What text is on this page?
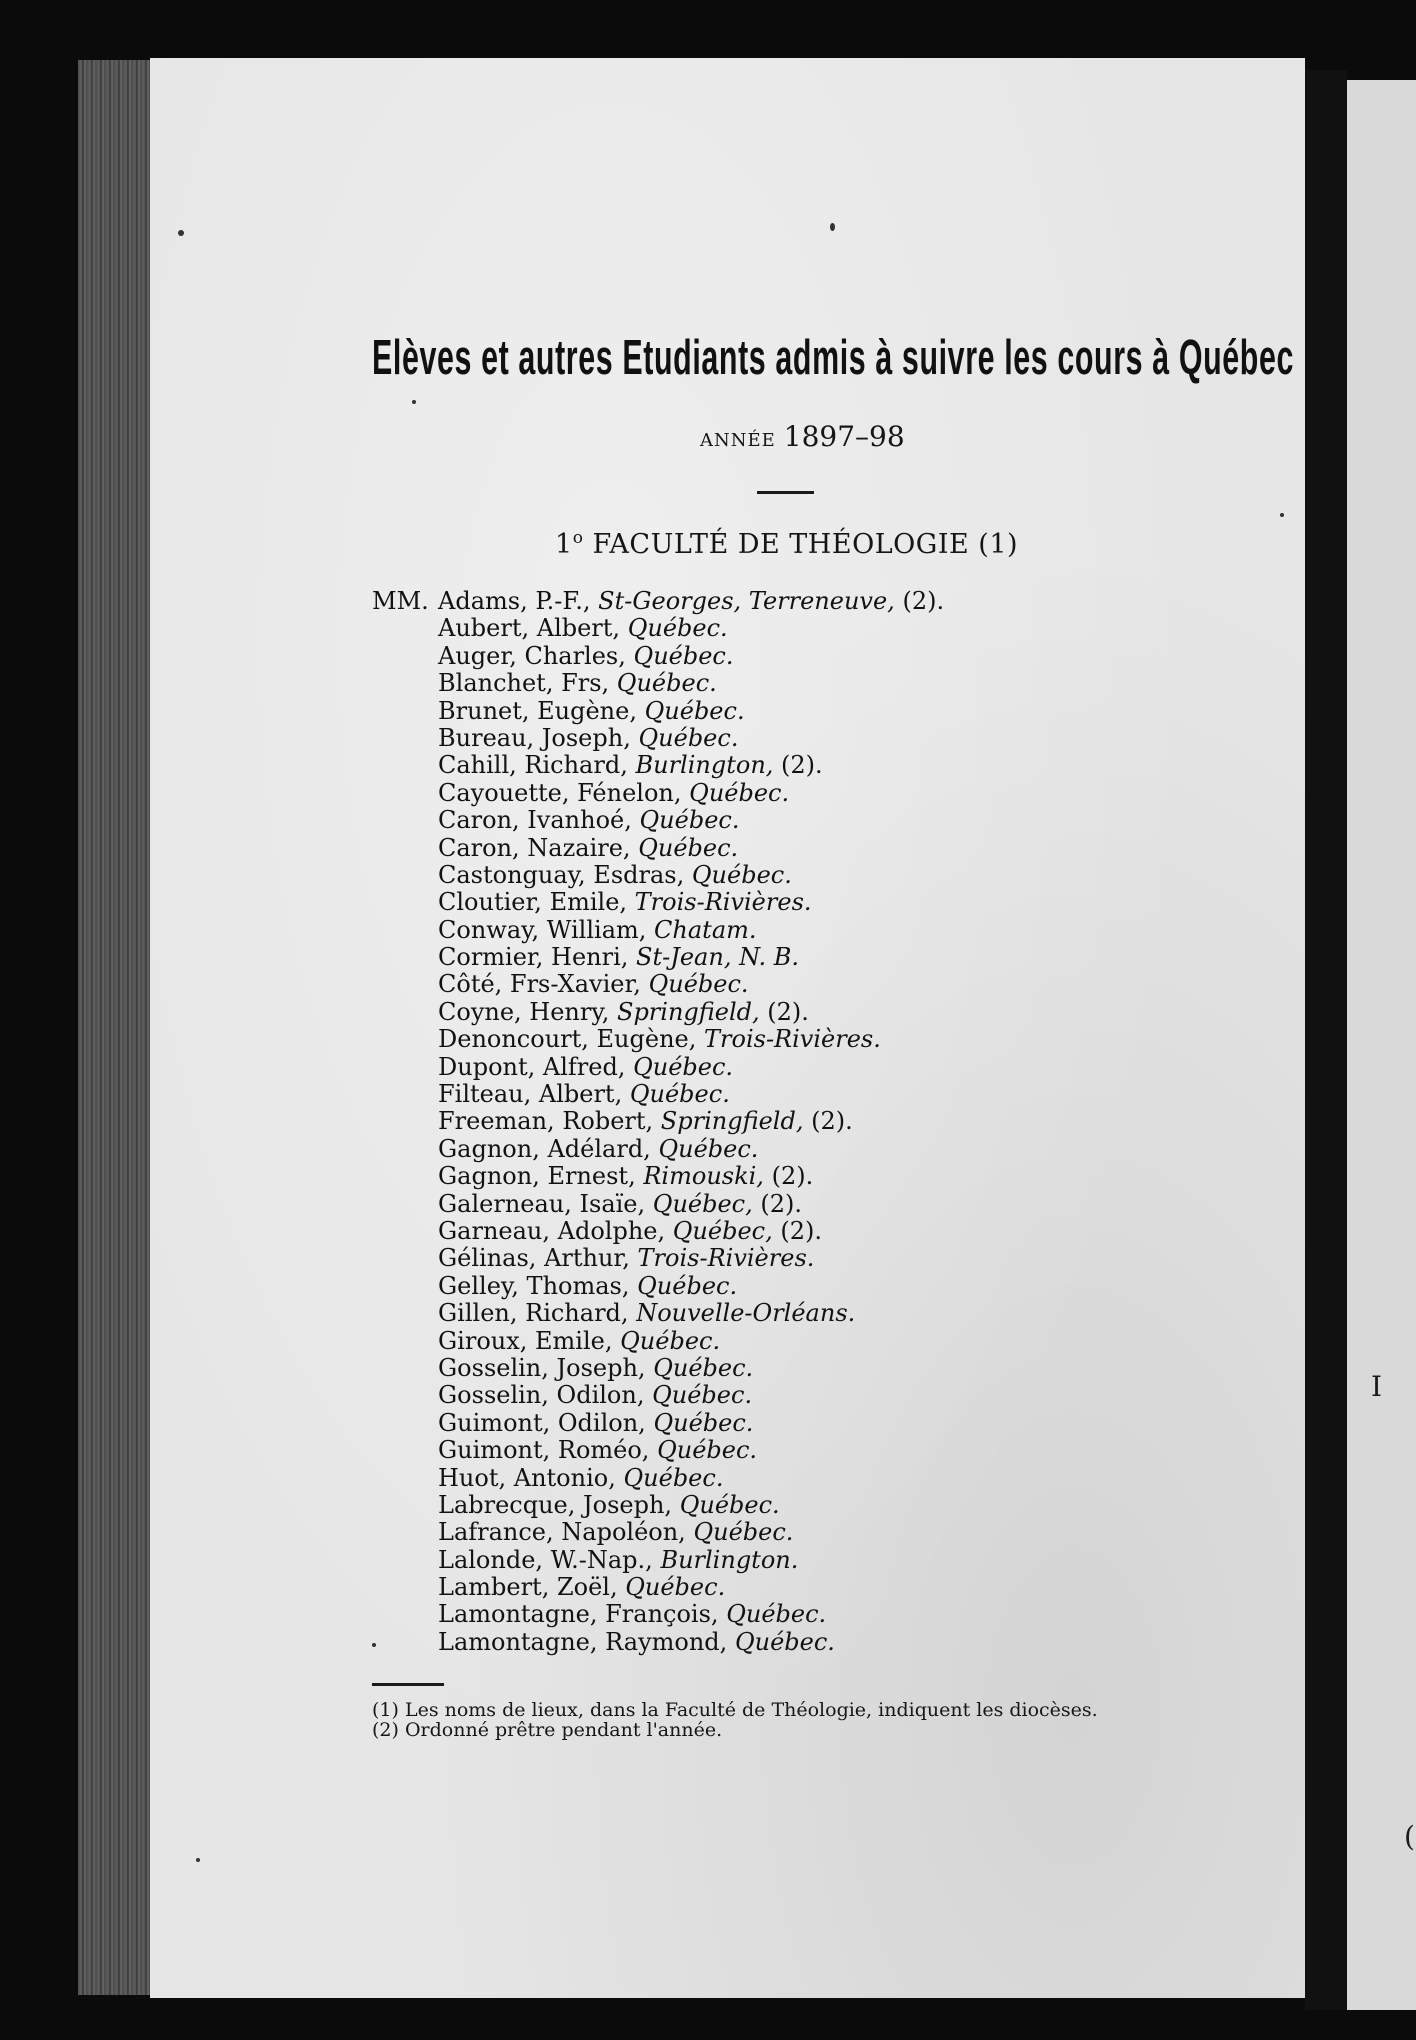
I
(
Elèves et autres Etudiants admis à suivre les cours à Québec
ANNÉE 1897–98
1$^o$ FACULTÉ DE THÉOLOGIE (1)
MM. Adams, P.-F., St-Georges, Terreneuve, (2).
Aubert, Albert, Québec.
Auger, Charles, Québec.
Blanchet, Frs, Québec.
Brunet, Eugène, Québec.
Bureau, Joseph, Québec.
Cahill, Richard, Burlington, (2).
Cayouette, Fénelon, Québec.
Caron, Ivanhoé, Québec.
Caron, Nazaire, Québec.
Castonguay, Esdras, Québec.
Cloutier, Emile, Trois-Rivières.
Conway, William, Chatam.
Cormier, Henri, St-Jean, N. B.
Côté, Frs-Xavier, Québec.
Coyne, Henry, Springfield, (2).
Denoncourt, Eugène, Trois-Rivières.
Dupont, Alfred, Québec.
Filteau, Albert, Québec.
Freeman, Robert, Springfield, (2).
Gagnon, Adélard, Québec.
Gagnon, Ernest, Rimouski, (2).
Galerneau, Isaïe, Québec, (2).
Garneau, Adolphe, Québec, (2).
Gélinas, Arthur, Trois-Rivières.
Gelley, Thomas, Québec.
Gillen, Richard, Nouvelle-Orléans.
Giroux, Emile, Québec.
Gosselin, Joseph, Québec.
Gosselin, Odilon, Québec.
Guimont, Odilon, Québec.
Guimont, Roméo, Québec.
Huot, Antonio, Québec.
Labrecque, Joseph, Québec.
Lafrance, Napoléon, Québec.
Lalonde, W.-Nap., Burlington.
Lambert, Zoël, Québec.
Lamontagne, François, Québec.
Lamontagne, Raymond, Québec.
(1) Les noms de lieux, dans la Faculté de Théologie, indiquent les diocèses.
(2) Ordonné prêtre pendant l'année.
